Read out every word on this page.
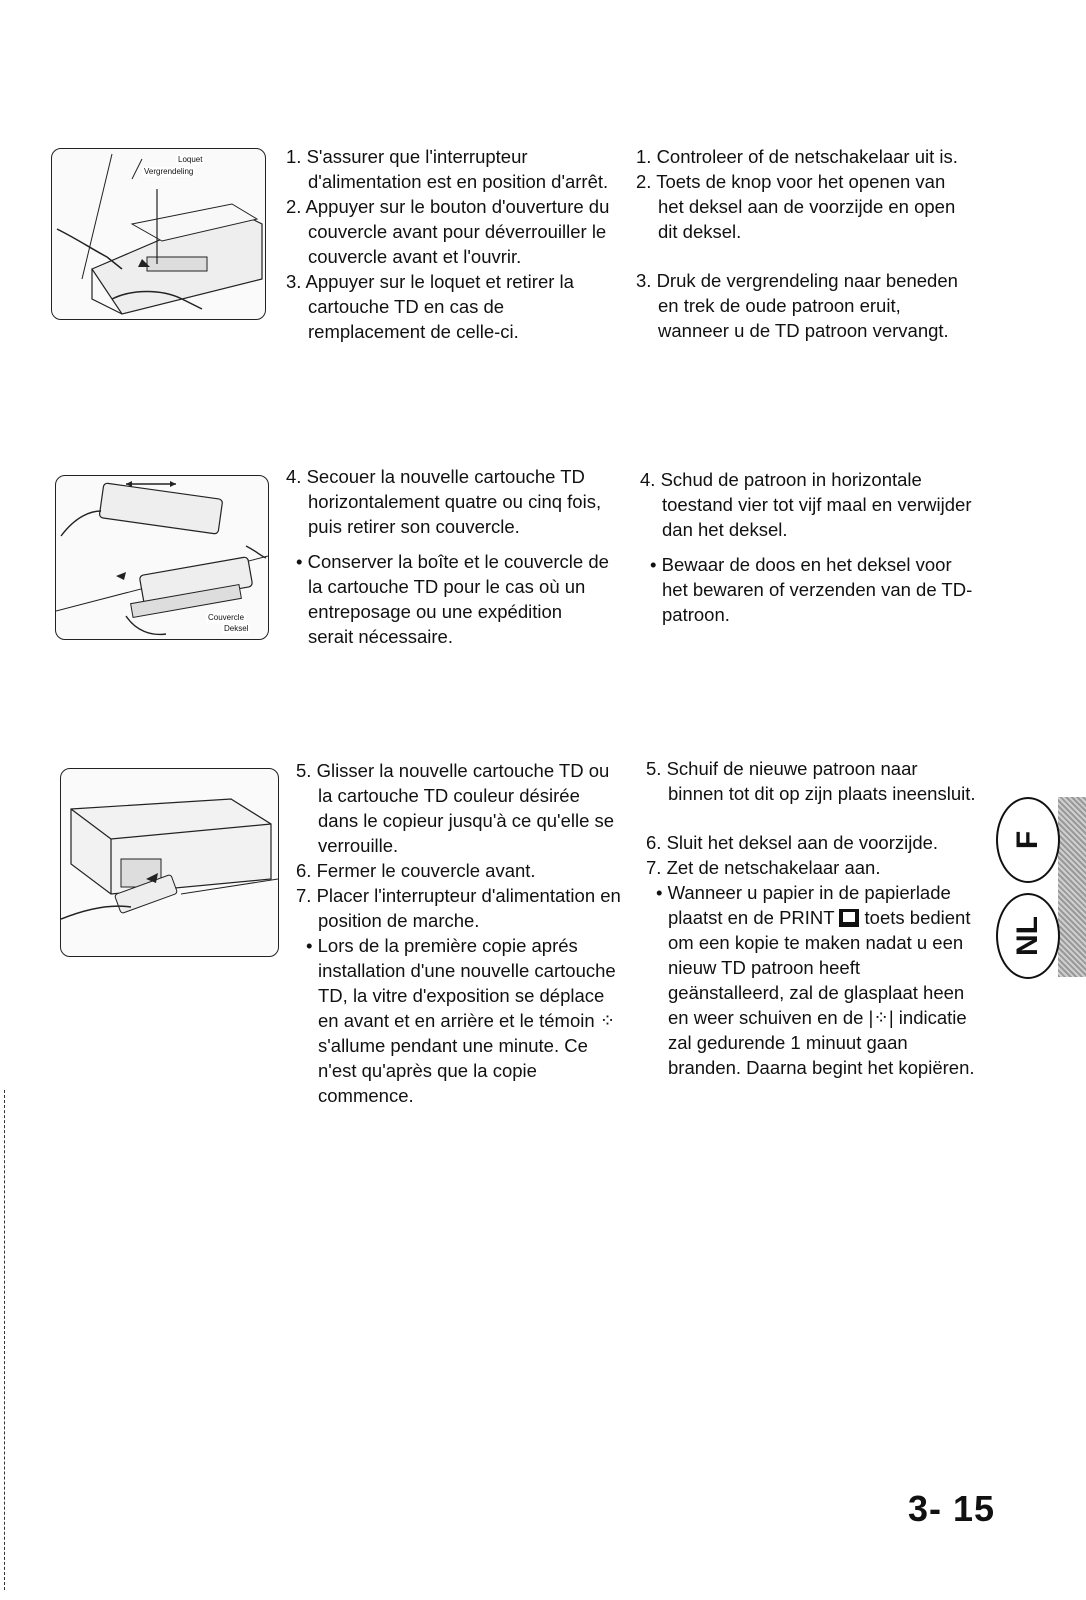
Loquet
Vergrendeling
Couvercle
Deksel

1. S'assurer que l'interrupteur d'alimentation est en position d'arrêt.

2. Appuyer sur le bouton d'ouverture du couvercle avant pour déverrouiller le couvercle avant et l'ouvrir.

3. Appuyer sur le loquet et retirer la cartouche TD en cas de remplacement de celle-ci.

1. Controleer of de netschakelaar uit is.

2. Toets de knop voor het openen van het deksel aan de voorzijde en open dit deksel.

3. Druk de vergrendeling naar beneden en trek de oude patroon eruit, wanneer u de TD patroon vervangt.

4. Secouer la nouvelle cartouche TD horizontalement quatre ou cinq fois, puis retirer son couvercle.

• Conserver la boîte et le couvercle de la cartouche TD pour le cas où un entreposage ou une expédition serait nécessaire.

4. Schud de patroon in horizontale toestand vier tot vijf maal en verwijder dan het deksel.

• Bewaar de doos en het deksel voor het bewaren of verzenden van de TD-patroon.

5. Glisser la nouvelle cartouche TD ou la cartouche TD couleur désirée dans le copieur jusqu'à ce qu'elle se verrouille.

6. Fermer le couvercle avant.

7. Placer l'interrupteur d'alimentation en position de marche.

• Lors de la première copie aprés installation d'une nouvelle cartouche TD, la vitre d'exposition se déplace en avant et en arrière et le témoin ⁘ s'allume pendant une minute. Ce n'est qu'après que la copie commence.

5. Schuif de nieuwe patroon naar binnen tot dit op zijn plaats ineensluit.

6. Sluit het deksel aan de voorzijde.

7. Zet de netschakelaar aan.

• Wanneer u papier in de papierlade plaatst en de PRINT toets bedient om een kopie te maken nadat u een nieuw TD patroon heeft geänstalleerd, zal de glasplaat heen en weer schuiven en de |⁘| indicatie zal gedurende 1 minuut gaan branden. Daarna begint het kopiëren.

F
NL
3- 15
